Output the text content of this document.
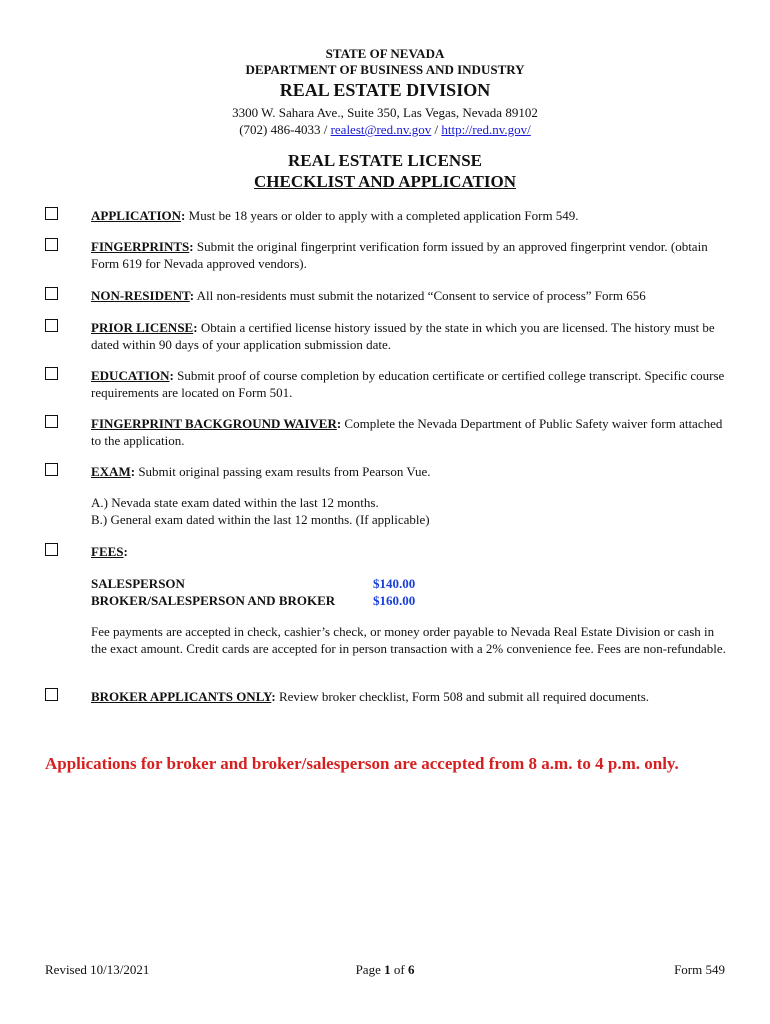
STATE OF NEVADA
DEPARTMENT OF BUSINESS AND INDUSTRY
REAL ESTATE DIVISION
3300 W. Sahara Ave., Suite 350, Las Vegas, Nevada 89102
(702) 486-4033 / realest@red.nv.gov / http://red.nv.gov/
REAL ESTATE LICENSE
CHECKLIST AND APPLICATION
APPLICATION: Must be 18 years or older to apply with a completed application Form 549.
FINGERPRINTS: Submit the original fingerprint verification form issued by an approved fingerprint vendor. (obtain Form 619 for Nevada approved vendors).
NON-RESIDENT: All non-residents must submit the notarized “Consent to service of process” Form 656
PRIOR LICENSE: Obtain a certified license history issued by the state in which you are licensed. The history must be dated within 90 days of your application submission date.
EDUCATION: Submit proof of course completion by education certificate or certified college transcript. Specific course requirements are located on Form 501.
FINGERPRINT BACKGROUND WAIVER: Complete the Nevada Department of Public Safety waiver form attached to the application.
EXAM: Submit original passing exam results from Pearson Vue.
A.) Nevada state exam dated within the last 12 months.
B.) General exam dated within the last 12 months. (If applicable)
FEES:
SALESPERSON	$140.00
BROKER/SALESPERSON AND BROKER	$160.00
Fee payments are accepted in check, cashier’s check, or money order payable to Nevada Real Estate Division or cash in the exact amount. Credit cards are accepted for in person transaction with a 2% convenience fee. Fees are non-refundable.
BROKER APPLICANTS ONLY: Review broker checklist, Form 508 and submit all required documents.
Applications for broker and broker/salesperson are accepted from 8 a.m. to 4 p.m. only.
Revised 10/13/2021	Page 1 of 6	Form 549
